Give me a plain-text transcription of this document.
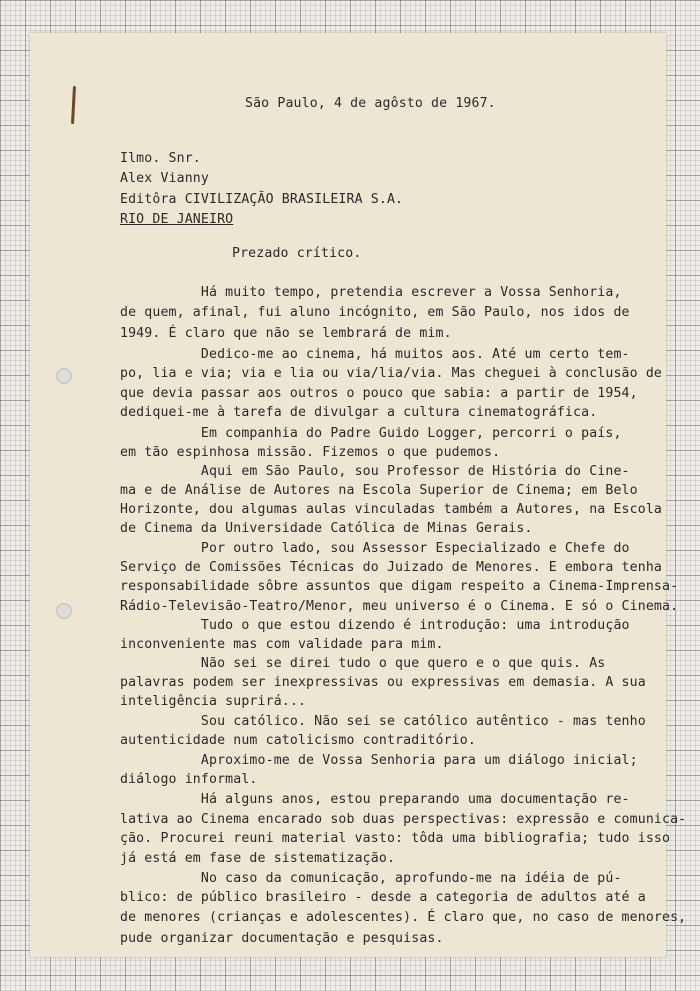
São Paulo, 4 de agôsto de 1967.
Ilmo. Snr.
Alex Vianny
Editôra CIVILIZAÇÃO BRASILEIRA S.A.
RIO DE JANEIRO
Prezado crítico.
Há muito tempo, pretendia escrever a Vossa Senhoria,
de quem, afinal, fui aluno incógnito, em São Paulo, nos idos de
1949. É claro que não se lembrará de mim.
Dedico-me ao cinema, há muitos aos. Até um certo tem-
po, lia e via; via e lia ou via/lia/via. Mas cheguei à conclusão de
que devia passar aos outros o pouco que sabia: a partir de 1954,
dediquei-me à tarefa de divulgar a cultura cinematográfica.
Em companhia do Padre Guido Logger, percorri o país,
em tão espinhosa missão. Fizemos o que pudemos.
Aqui em São Paulo, sou Professor de História do Cine-
ma e de Análise de Autores na Escola Superior de Cinema; em Belo
Horizonte, dou algumas aulas vinculadas também a Autores, na Escola
de Cinema da Universidade Católica de Minas Gerais.
Por outro lado, sou Assessor Especializado e Chefe do
Serviço de Comissões Técnicas do Juizado de Menores. E embora tenha
responsabilidade sôbre assuntos que digam respeito a Cinema-Imprensa-
Rádio-Televisão-Teatro/Menor, meu universo é o Cinema. E só o Cinema.
Tudo o que estou dizendo é introdução: uma introdução
inconveniente mas com validade para mim.
Não sei se direi tudo o que quero e o que quis. As
palavras podem ser inexpressivas ou expressivas em demasia. A sua
inteligência suprirá...
Sou católico. Não sei se católico autêntico - mas tenho
autenticidade num catolicismo contraditório.
Aproximo-me de Vossa Senhoria para um diálogo inicial;
diálogo informal.
Há alguns anos, estou preparando uma documentação re-
lativa ao Cinema encarado sob duas perspectivas: expressão e comunica-
ção. Procurei reuni material vasto: tôda uma bibliografia; tudo isso
já está em fase de sistematização.
No caso da comunicação, aprofundo-me na idéia de pú-
blico: de público brasileiro - desde a categoria de adultos até a
de menores (crianças e adolescentes). É claro que, no caso de menores,
pude organizar documentação e pesquisas.
